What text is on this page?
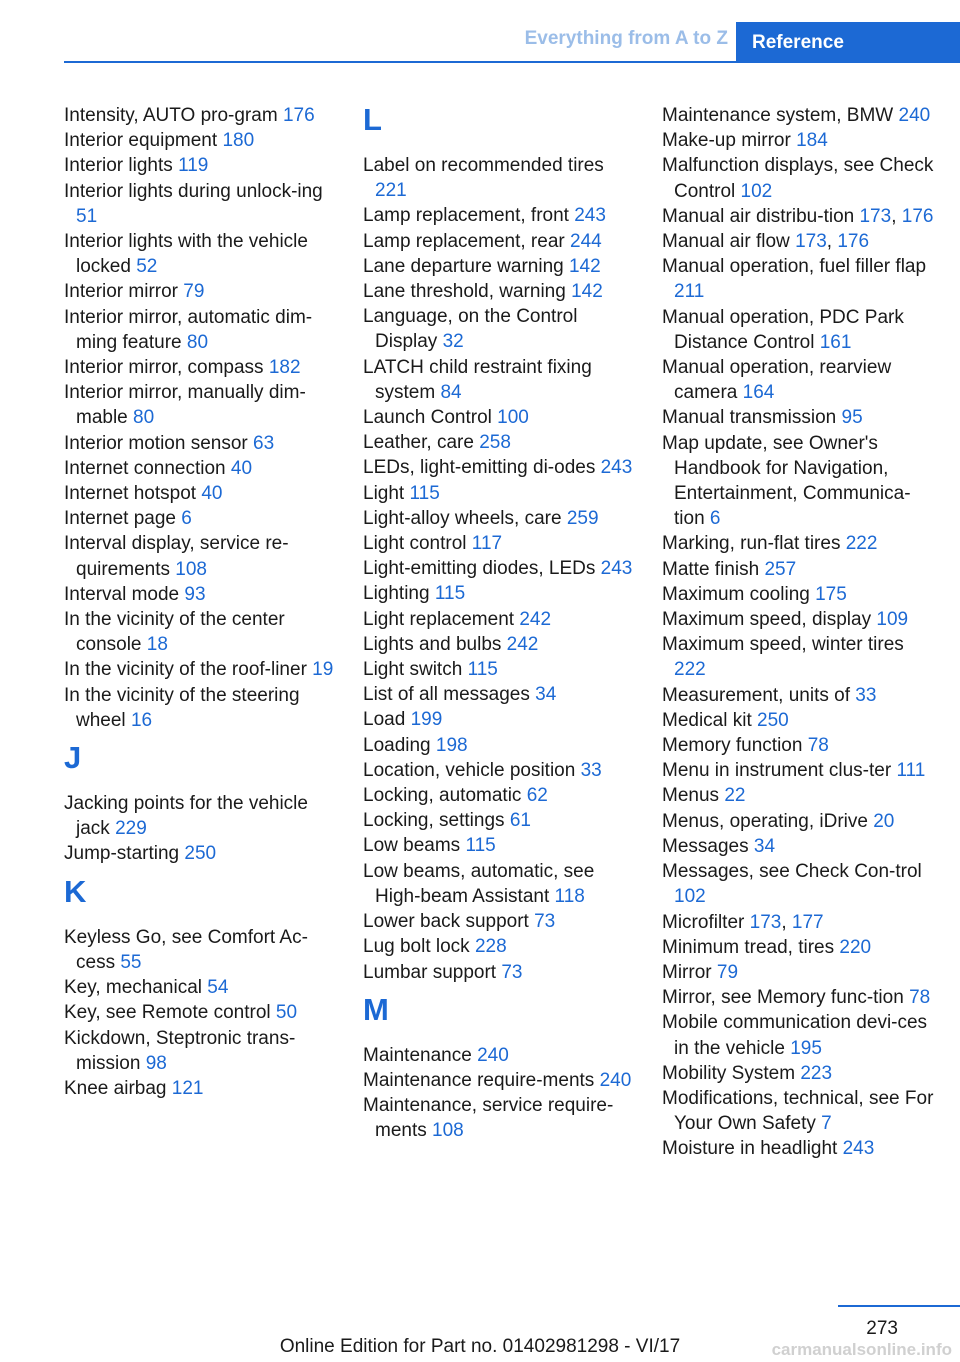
Everything from A to Z	Reference
Intensity, AUTO pro-gram 176
Interior equipment 180
Interior lights 119
Interior lights during unlock-ing 51
Interior lights with the vehicle locked 52
Interior mirror 79
Interior mirror, automatic dim-ming feature 80
Interior mirror, compass 182
Interior mirror, manually dim-mable 80
Interior motion sensor 63
Internet connection 40
Internet hotspot 40
Internet page 6
Interval display, service re-quirements 108
Interval mode 93
In the vicinity of the center console 18
In the vicinity of the roof-liner 19
In the vicinity of the steering wheel 16
J
Jacking points for the vehicle jack 229
Jump-starting 250
K
Keyless Go, see Comfort Ac-cess 55
Key, mechanical 54
Key, see Remote control 50
Kickdown, Steptronic trans-mission 98
Knee airbag 121
L
Label on recommended tires 221
Lamp replacement, front 243
Lamp replacement, rear 244
Lane departure warning 142
Lane threshold, warning 142
Language, on the Control Display 32
LATCH child restraint fixing system 84
Launch Control 100
Leather, care 258
LEDs, light-emitting di-odes 243
Light 115
Light-alloy wheels, care 259
Light control 117
Light-emitting diodes, LEDs 243
Lighting 115
Light replacement 242
Lights and bulbs 242
Light switch 115
List of all messages 34
Load 199
Loading 198
Location, vehicle position 33
Locking, automatic 62
Locking, settings 61
Low beams 115
Low beams, automatic, see High-beam Assistant 118
Lower back support 73
Lug bolt lock 228
Lumbar support 73
M
Maintenance 240
Maintenance require-ments 240
Maintenance, service require-ments 108
Maintenance system, BMW 240
Make-up mirror 184
Malfunction displays, see Check Control 102
Manual air distribu-tion 173, 176
Manual air flow 173, 176
Manual operation, fuel filler flap 211
Manual operation, PDC Park Distance Control 161
Manual operation, rearview camera 164
Manual transmission 95
Map update, see Owner's Handbook for Navigation, Entertainment, Communica-tion 6
Marking, run-flat tires 222
Matte finish 257
Maximum cooling 175
Maximum speed, display 109
Maximum speed, winter tires 222
Measurement, units of 33
Medical kit 250
Memory function 78
Menu in instrument clus-ter 111
Menus 22
Menus, operating, iDrive 20
Messages 34
Messages, see Check Con-trol 102
Microfilter 173, 177
Minimum tread, tires 220
Mirror 79
Mirror, see Memory func-tion 78
Mobile communication devi-ces in the vehicle 195
Mobility System 223
Modifications, technical, see For Your Own Safety 7
Moisture in headlight 243
273
Online Edition for Part no. 01402981298 - VI/17	carmanualsonline.info
